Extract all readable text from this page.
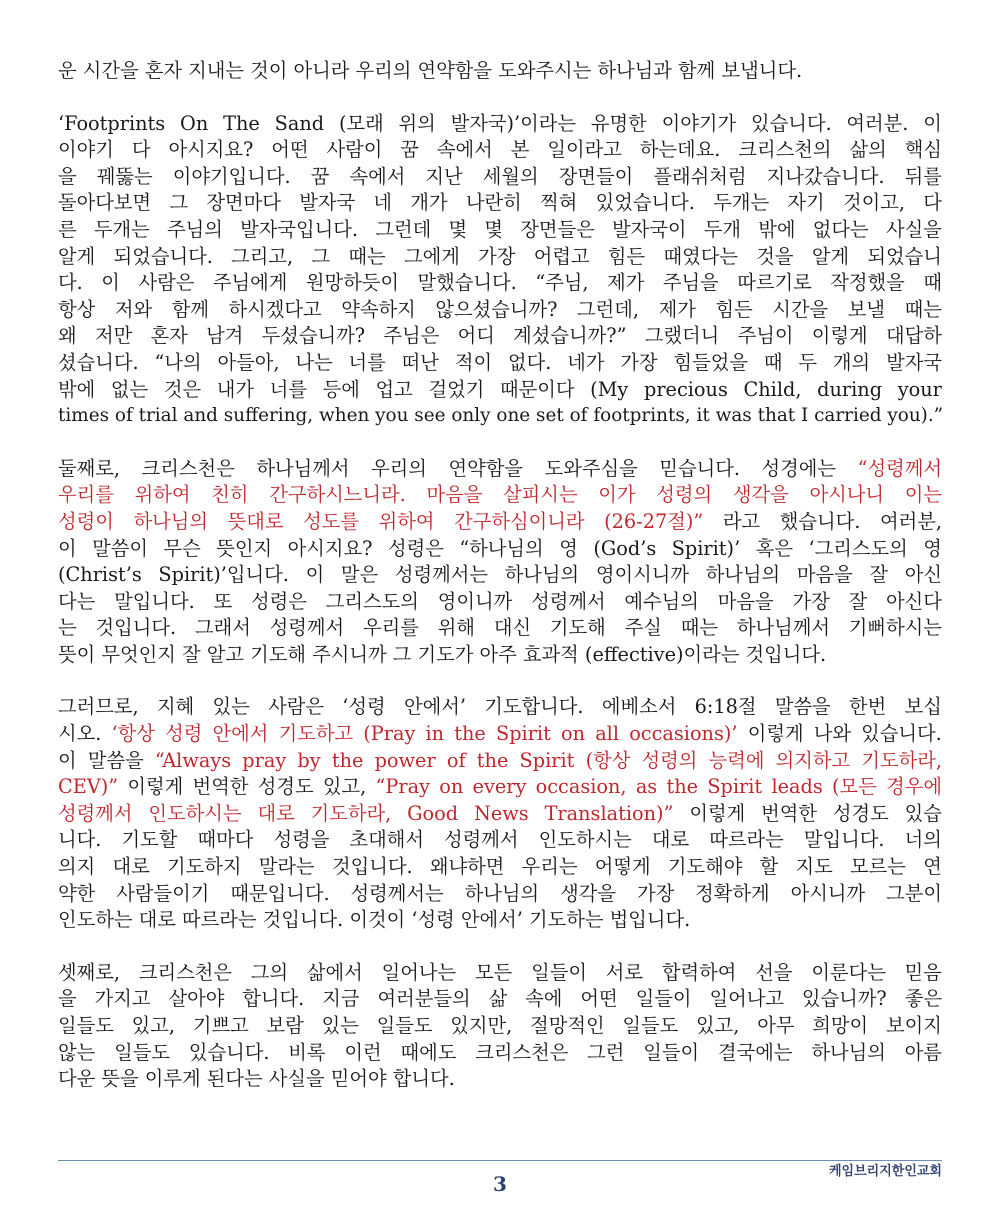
운 시간을 혼자 지내는 것이 아니라 우리의 연약함을 도와주시는 하나님과 함께 보냅니다.
‘Footprints On The Sand (모래 위의 발자국)’이라는 유명한 이야기가 있습니다. 여러분. 이
이야기 다 아시지요? 어떤 사람이 꿈 속에서 본 일이라고 하는데요. 크리스천의 삶의 핵심
을 꿰뚫는 이야기입니다. 꿈 속에서 지난 세월의 장면들이 플래쉬처럼 지나갔습니다. 뒤를
돌아다보면 그 장면마다 발자국 네 개가 나란히 찍혀 있었습니다. 두개는 자기 것이고, 다
른 두개는 주님의 발자국입니다. 그런데 몇 몇 장면들은 발자국이 두개 밖에 없다는 사실을
알게 되었습니다. 그리고, 그 때는 그에게 가장 어렵고 힘든 때였다는 것을 알게 되었습니
다. 이 사람은 주님에게 원망하듯이 말했습니다. “주님, 제가 주님을 따르기로 작정했을 때
항상 저와 함께 하시겠다고 약속하지 않으셨습니까? 그런데, 제가 힘든 시간을 보낼 때는
왜 저만 혼자 남겨 두셨습니까? 주님은 어디 계셨습니까?” 그랬더니 주님이 이렇게 대답하
셨습니다. “나의 아들아, 나는 너를 떠난 적이 없다. 네가 가장 힘들었을 때 두 개의 발자국
밖에 없는 것은 내가 너를 등에 업고 걸었기 때문이다 (My precious Child, during your
times of trial and suffering, when you see only one set of footprints, it was that I carried you).”
둘째로, 크리스천은 하나님께서 우리의 연약함을 도와주심을 믿습니다. 성경에는 “성령께서
우리를 위하여 친히 간구하시느니라. 마음을 살피시는 이가 성령의 생각을 아시나니 이는
성령이 하나님의 뜻대로 성도를 위하여 간구하심이니라 (26-27절)” 라고 했습니다. 여러분,
이 말씀이 무슨 뜻인지 아시지요? 성령은 “하나님의 영 (God’s Spirit)’ 혹은 ‘그리스도의 영
(Christ’s Spirit)’입니다. 이 말은 성령께서는 하나님의 영이시니까 하나님의 마음을 잘 아신
다는 말입니다. 또 성령은 그리스도의 영이니까 성령께서 예수님의 마음을 가장 잘 아신다
는 것입니다. 그래서 성령께서 우리를 위해 대신 기도해 주실 때는 하나님께서 기뻐하시는
뜻이 무엇인지 잘 알고 기도해 주시니까 그 기도가 아주 효과적 (effective)이라는 것입니다.
그러므로, 지혜 있는 사람은 ‘성령 안에서’ 기도합니다. 에베소서 6:18절 말씀을 한번 보십
시오. ‘항상 성령 안에서 기도하고 (Pray in the Spirit on all occasions)’ 이렇게 나와 있습니다.
이 말씀을 “Always pray by the power of the Spirit (항상 성령의 능력에 의지하고 기도하라,
CEV)” 이렇게 번역한 성경도 있고, “Pray on every occasion, as the Spirit leads (모든 경우에
성령께서 인도하시는 대로 기도하라, Good News Translation)” 이렇게 번역한 성경도 있습
니다. 기도할 때마다 성령을 초대해서 성령께서 인도하시는 대로 따르라는 말입니다. 너의
의지 대로 기도하지 말라는 것입니다. 왜냐하면 우리는 어떻게 기도해야 할 지도 모르는 연
약한 사람들이기 때문입니다. 성령께서는 하나님의 생각을 가장 정확하게 아시니까 그분이
인도하는 대로 따르라는 것입니다. 이것이 ‘성령 안에서’ 기도하는 법입니다.
셋째로, 크리스천은 그의 삶에서 일어나는 모든 일들이 서로 합력하여 선을 이룬다는 믿음
을 가지고 살아야 합니다. 지금 여러분들의 삶 속에 어떤 일들이 일어나고 있습니까? 좋은
일들도 있고, 기쁘고 보람 있는 일들도 있지만, 절망적인 일들도 있고, 아무 희망이 보이지
않는 일들도 있습니다. 비록 이런 때에도 크리스천은 그런 일들이 결국에는 하나님의 아름
다운 뜻을 이루게 된다는 사실을 믿어야 합니다.
케임브리지한인교회
3
